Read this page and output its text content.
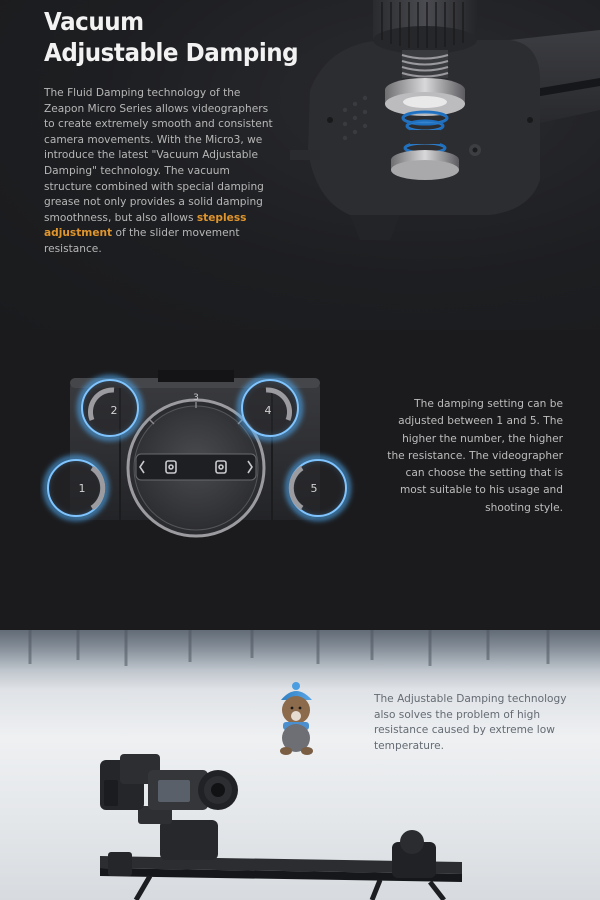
Vacuum
Adjustable Damping

The Fluid Damping technology of the Zeapon Micro Series allows videographers to create extremely smooth and consistent camera movements. With the Micro3, we introduce the latest "Vacuum Adjustable Damping" technology. The vacuum structure combined with special damping grease not only provides a solid damping smoothness, but also allows stepless adjustment of the slider movement resistance.

3
2	4
1	5

The damping setting can be adjusted between 1 and 5. The higher the number, the higher the resistance. The videographer can choose the setting that is most suitable to his usage and shooting style.

The Adjustable Damping technology also solves the problem of high resistance caused by extreme low temperature.
